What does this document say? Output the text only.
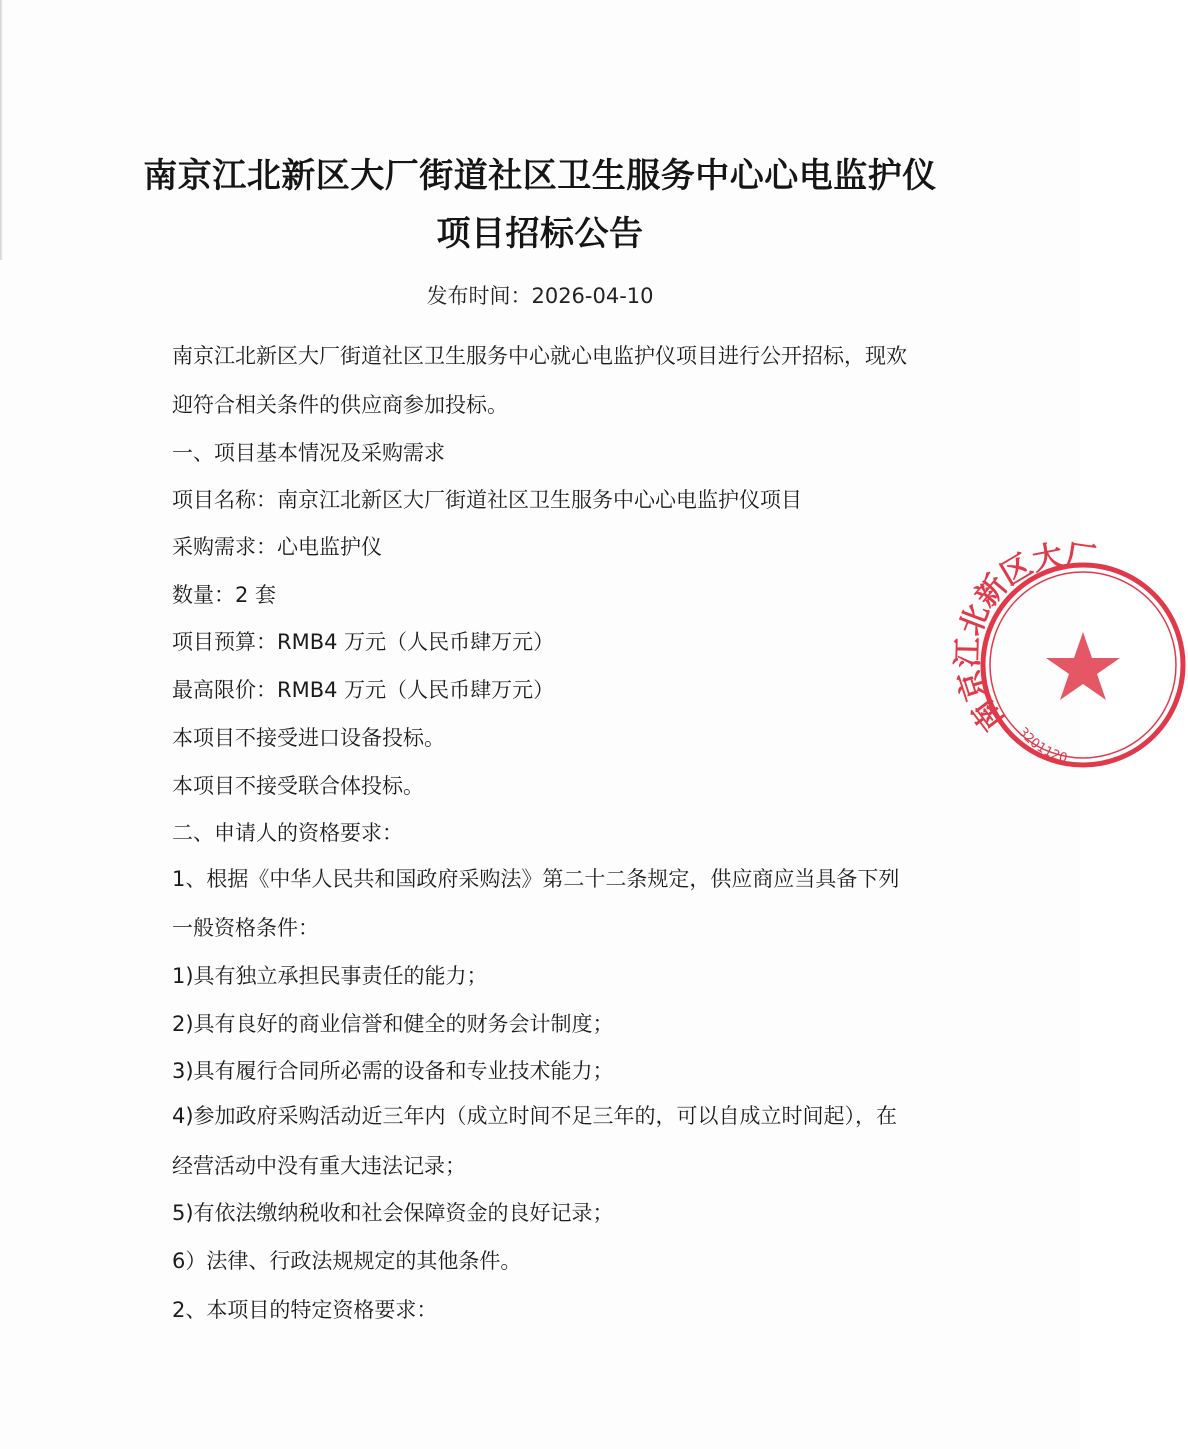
南京江北新区大厂街道社区卫生服务中心心电监护仪
项目招标公告
发布时间：2026-04-10
南京江北新区大厂街道社区卫生服务中心就心电监护仪项目进行公开招标，现欢
迎符合相关条件的供应商参加投标。
一、项目基本情况及采购需求
项目名称：南京江北新区大厂街道社区卫生服务中心心电监护仪项目
采购需求：心电监护仪
数量：2 套
项目预算：RMB4 万元（人民币肆万元）
最高限价：RMB4 万元（人民币肆万元）
本项目不接受进口设备投标。
本项目不接受联合体投标。
二、申请人的资格要求：
1、根据《中华人民共和国政府采购法》第二十二条规定，供应商应当具备下列
一般资格条件：
1)具有独立承担民事责任的能力；
2)具有良好的商业信誉和健全的财务会计制度；
3)具有履行合同所必需的设备和专业技术能力；
4)参加政府采购活动近三年内（成立时间不足三年的，可以自成立时间起），在
经营活动中没有重大违法记录；
5)有依法缴纳税收和社会保障资金的良好记录；
6）法律、行政法规规定的其他条件。
2、本项目的特定资格要求：
南京江北新区大厂
3201120
